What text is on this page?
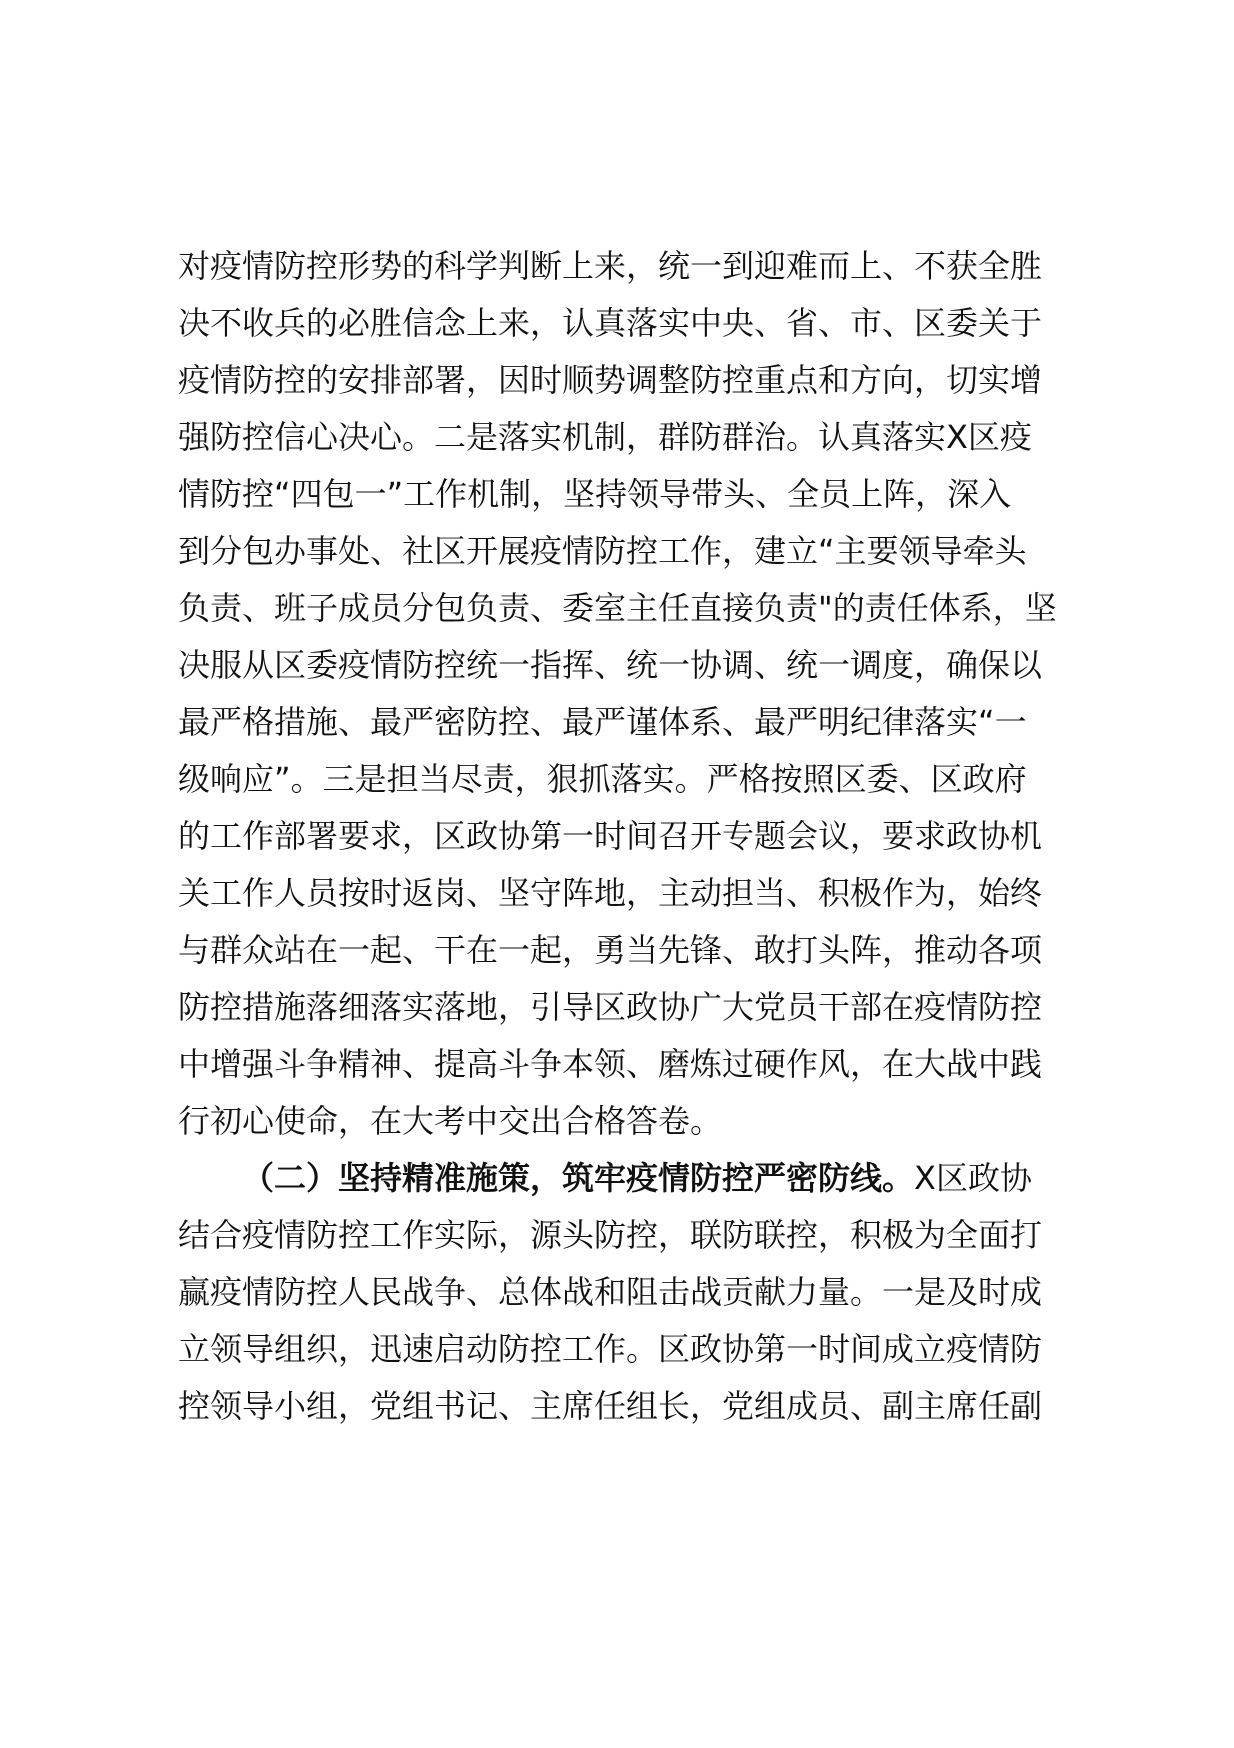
对疫情防控形势的科学判断上来，统一到迎难而上、不获全胜
决不收兵的必胜信念上来，认真落实中央、省、市、区委关于
疫情防控的安排部署，因时顺势调整防控重点和方向，切实增
强防控信心决心。二是落实机制，群防群治。认真落实X区疫
情防控“四包一”工作机制，坚持领导带头、全员上阵，深入
到分包办事处、社区开展疫情防控工作，建立“主要领导牵头
负责、班子成员分包负责、委室主任直接负责"的责任体系，坚
决服从区委疫情防控统一指挥、统一协调、统一调度，确保以
最严格措施、最严密防控、最严谨体系、最严明纪律落实“一
级响应”。三是担当尽责，狠抓落实。严格按照区委、区政府
的工作部署要求，区政协第一时间召开专题会议，要求政协机
关工作人员按时返岗、坚守阵地，主动担当、积极作为，始终
与群众站在一起、干在一起，勇当先锋、敢打头阵，推动各项
防控措施落细落实落地，引导区政协广大党员干部在疫情防控
中增强斗争精神、提高斗争本领、磨炼过硬作风，在大战中践
行初心使命，在大考中交出合格答卷。
（二）坚持精准施策，筑牢疫情防控严密防线。X区政协
结合疫情防控工作实际，源头防控，联防联控，积极为全面打
赢疫情防控人民战争、总体战和阻击战贡献力量。一是及时成
立领导组织，迅速启动防控工作。区政协第一时间成立疫情防
控领导小组，党组书记、主席任组长，党组成员、副主席任副
